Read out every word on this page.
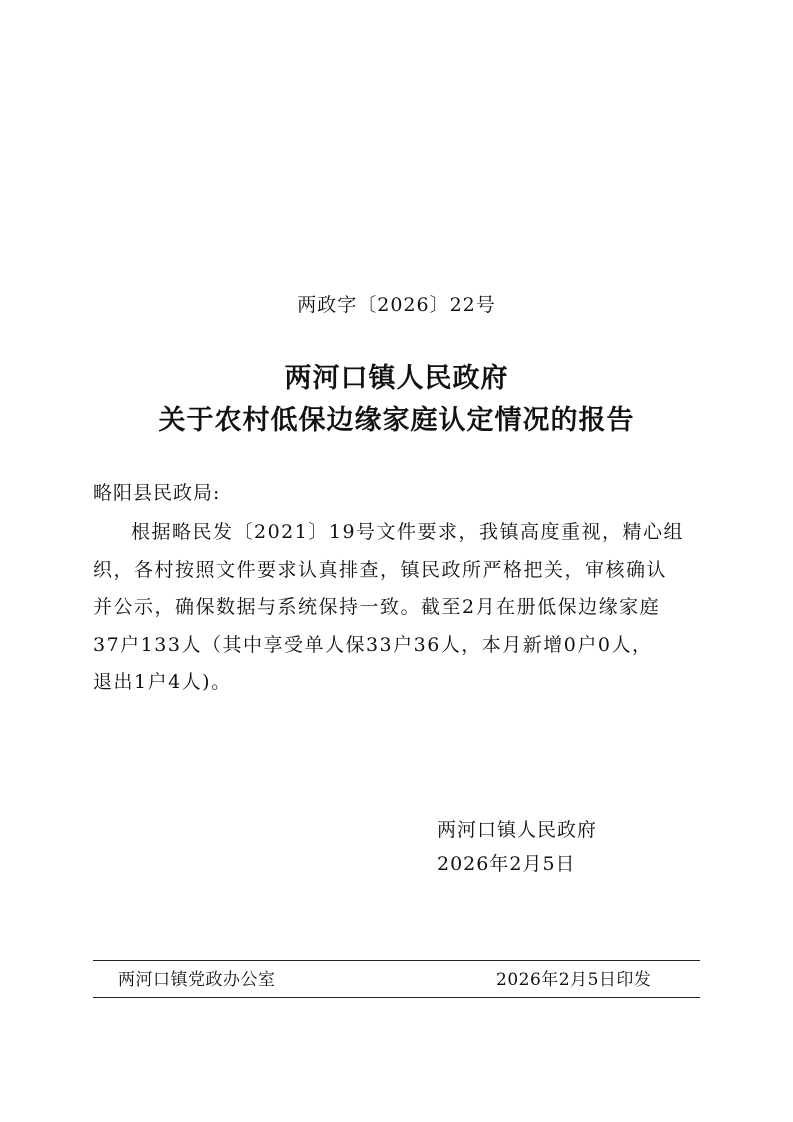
两政字〔2026〕22号
两河口镇人民政府
关于农村低保边缘家庭认定情况的报告
略阳县民政局:
根据略民发〔2021〕19号文件要求，我镇高度重视，精心组
织，各村按照文件要求认真排查，镇民政所严格把关，审核确认
并公示，确保数据与系统保持一致。截至2月在册低保边缘家庭
37户133人（其中享受单人保33户36人，本月新增0户0人，
退出1户4人)。
两河口镇人民政府
2026年2月5日
两河口镇党政办公室	2026年2月5日印发
